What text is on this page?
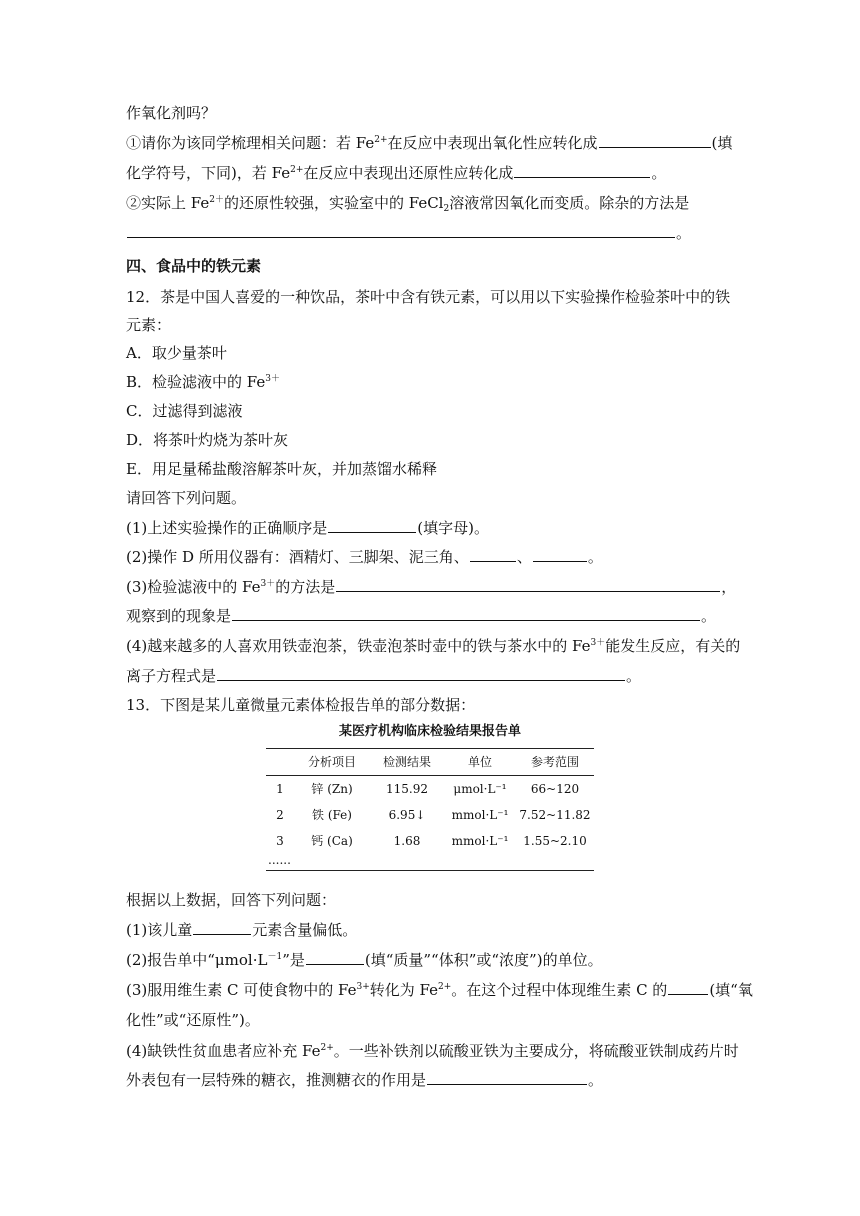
作氧化剂吗？
①请你为该同学梳理相关问题：若 $Fe^{2+}$在反应中表现出氧化性应转化成	(填
化学符号，下同)，若 $Fe^{2+}$在反应中表现出还原性应转化成	。
②实际上 $Fe^{2+}$的还原性较强，实验室中的 FeCl$_2$溶液常因氧化而变质。除杂的方法是
。
四、食品中的铁元素
12．茶是中国人喜爱的一种饮品，茶叶中含有铁元素，可以用以下实验操作检验茶叶中的铁
元素：
A．取少量茶叶
B．检验滤液中的 $Fe^{3+}$
C．过滤得到滤液
D．将茶叶灼烧为茶叶灰
E．用足量稀盐酸溶解茶叶灰，并加蒸馏水稀释
请回答下列问题。
(1)上述实验操作的正确顺序是	(填字母)。
(2)操作 D 所用仪器有：酒精灯、三脚架、泥三角、	、	。
(3)检验滤液中的 $Fe^{3+}$的方法是	，
观察到的现象是	。
(4)越来越多的人喜欢用铁壶泡茶，铁壶泡茶时壶中的铁与茶水中的 $Fe^{3+}$能发生反应，有关的
离子方程式是	。
13．下图是某儿童微量元素体检报告单的部分数据：
某医疗机构临床检验结果报告单
分析项目	检测结果	单位	参考范围
1	锌 (Zn)	115.92	μmol·L⁻¹	66~120
2	铁 (Fe)	6.95↓	mmol·L⁻¹ 7.52~11.82
3	钙 (Ca)	1.68	mmol·L⁻¹	1.55~2.10
......
根据以上数据，回答下列问题：
(1)该儿童	元素含量偏低。
(2)报告单中“$\mu mol\cdot L^{-1}$”是	(填“质量”“体积”或“浓度”)的单位。
(3)服用维生素 C 可使食物中的 $Fe^{3+}$转化为 $Fe^{2+}$。在这个过程中体现维生素 C 的	(填“氧
化性”或“还原性”)。
(4)缺铁性贫血患者应补充 $Fe^{2+}$。一些补铁剂以硫酸亚铁为主要成分，将硫酸亚铁制成药片时
外表包有一层特殊的糖衣，推测糖衣的作用是	。
